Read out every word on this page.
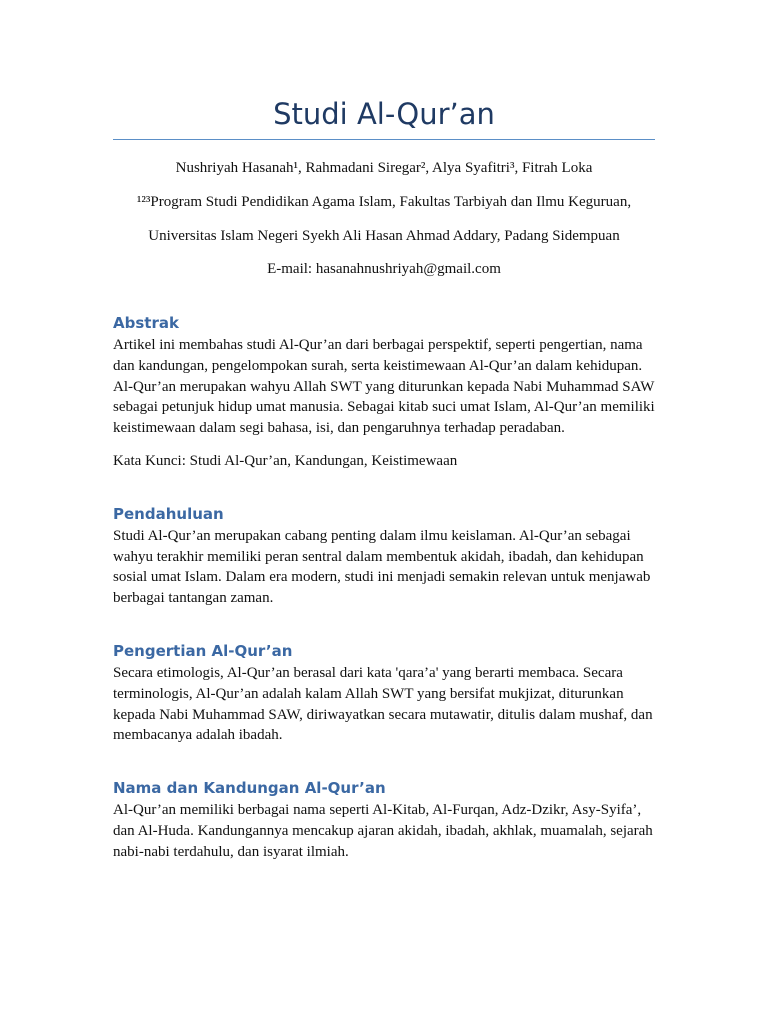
Studi Al-Qur’an

Nushriyah Hasanah¹, Rahmadani Siregar², Alya Syafitri³, Fitrah Loka

¹²³Program Studi Pendidikan Agama Islam, Fakultas Tarbiyah dan Ilmu Keguruan,

Universitas Islam Negeri Syekh Ali Hasan Ahmad Addary, Padang Sidempuan

E-mail: hasanahnushriyah@gmail.com

Abstrak

Artikel ini membahas studi Al-Qur’an dari berbagai perspektif, seperti pengertian, nama dan kandungan, pengelompokan surah, serta keistimewaan Al-Qur’an dalam kehidupan. Al-Qur’an merupakan wahyu Allah SWT yang diturunkan kepada Nabi Muhammad SAW sebagai petunjuk hidup umat manusia. Sebagai kitab suci umat Islam, Al-Qur’an memiliki keistimewaan dalam segi bahasa, isi, dan pengaruhnya terhadap peradaban.

Kata Kunci: Studi Al-Qur’an, Kandungan, Keistimewaan

Pendahuluan

Studi Al-Qur’an merupakan cabang penting dalam ilmu keislaman. Al-Qur’an sebagai wahyu terakhir memiliki peran sentral dalam membentuk akidah, ibadah, dan kehidupan sosial umat Islam. Dalam era modern, studi ini menjadi semakin relevan untuk menjawab berbagai tantangan zaman.

Pengertian Al-Qur’an

Secara etimologis, Al-Qur’an berasal dari kata 'qara’a' yang berarti membaca. Secara terminologis, Al-Qur’an adalah kalam Allah SWT yang bersifat mukjizat, diturunkan kepada Nabi Muhammad SAW, diriwayatkan secara mutawatir, ditulis dalam mushaf, dan membacanya adalah ibadah.

Nama dan Kandungan Al-Qur’an

Al-Qur’an memiliki berbagai nama seperti Al-Kitab, Al-Furqan, Adz-Dzikr, Asy-Syifa’, dan Al-Huda. Kandungannya mencakup ajaran akidah, ibadah, akhlak, muamalah, sejarah nabi-nabi terdahulu, dan isyarat ilmiah.
